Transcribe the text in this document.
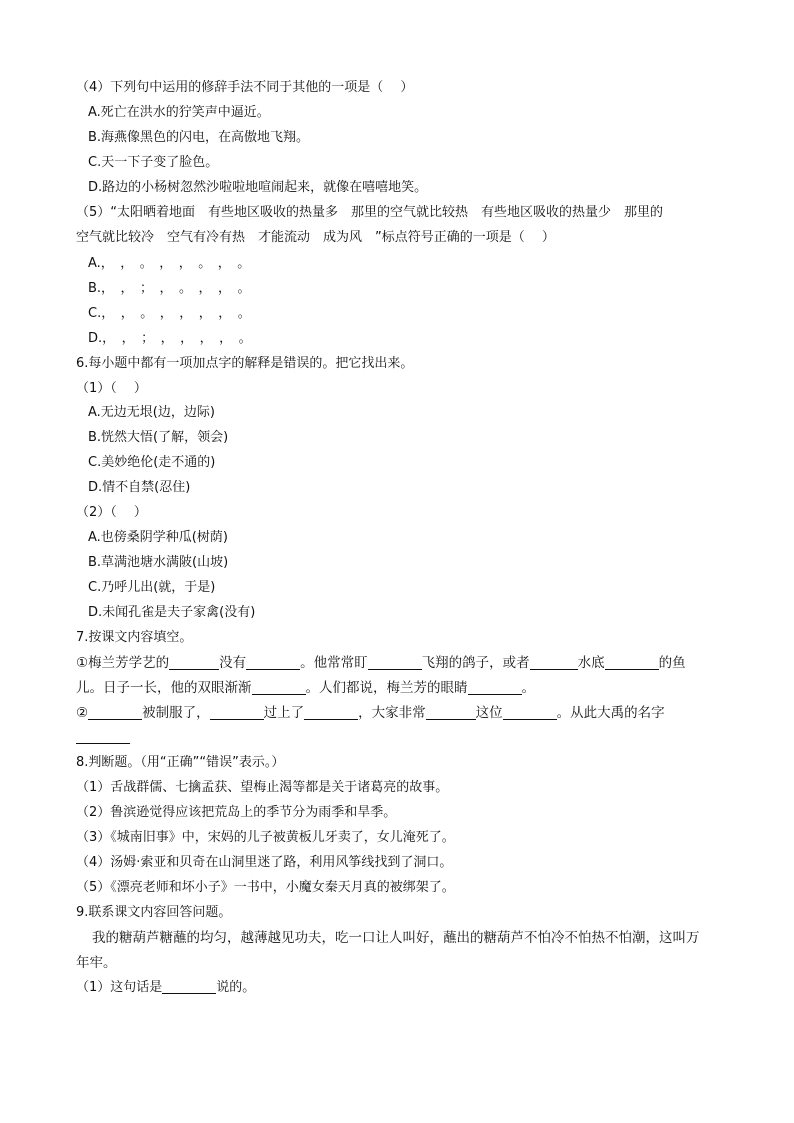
（4）下列句中运用的修辞手法不同于其他的一项是（　 ）
A.死亡在洪水的狞笑声中逼近。
B.海燕像黑色的闪电，在高傲地飞翔。
C.天一下子变了脸色。
D.路边的小杨树忽然沙啦啦地喧闹起来，就像在嘻嘻地笑。
（5）“太阳晒着地面　有些地区吸收的热量多　那里的空气就比较热　有些地区吸收的热量少　那里的
空气就比较冷　空气有冷有热　才能流动　成为风　”标点符号正确的一项是（　 ）
A.，　，　。　，　，　。　，　。
B.，　，　；　，　。　，　，　。
C.，　，　。　，　，　，　，　。
D.，　，　；　，　，　，　，　。
6.每小题中都有一项加点字的解释是错误的。把它找出来。
（1）（　 ）
A.无边无垠(边，边际)
B.恍然大悟(了解，领会)
C.美妙绝伦(走不通的)
D.情不自禁(忍住)
（2）（　 ）
A.也傍桑阴学种瓜(树荫)
B.草满池塘水满陂(山坡)
C.乃呼儿出(就，于是)
D.未闻孔雀是夫子家禽(没有)
7.按课文内容填空。
①梅兰芳学艺的	没有	。他常常盯	飞翔的鸽子，或者	水底	的鱼
儿。日子一长，他的双眼渐渐	。人们都说，梅兰芳的眼睛	。
②	被制服了，	过上了	，大家非常	这位	。从此大禹的名字
8.判断题。（用“正确”“错误”表示。）
（1）舌战群儒、七擒孟获、望梅止渴等都是关于诸葛亮的故事。
（2）鲁滨逊觉得应该把荒岛上的季节分为雨季和旱季。
（3）《城南旧事》中，宋妈的儿子被黄板儿牙卖了，女儿淹死了。
（4）汤姆·索亚和贝奇在山洞里迷了路，利用风筝线找到了洞口。
（5）《漂亮老师和坏小子》一书中，小魔女秦天月真的被绑架了。
9.联系课文内容回答问题。
我的糖葫芦糖蘸的均匀，越薄越见功夫，吃一口让人叫好，蘸出的糖葫芦不怕冷不怕热不怕潮，这叫万
年牢。
（1）这句话是	说的。
